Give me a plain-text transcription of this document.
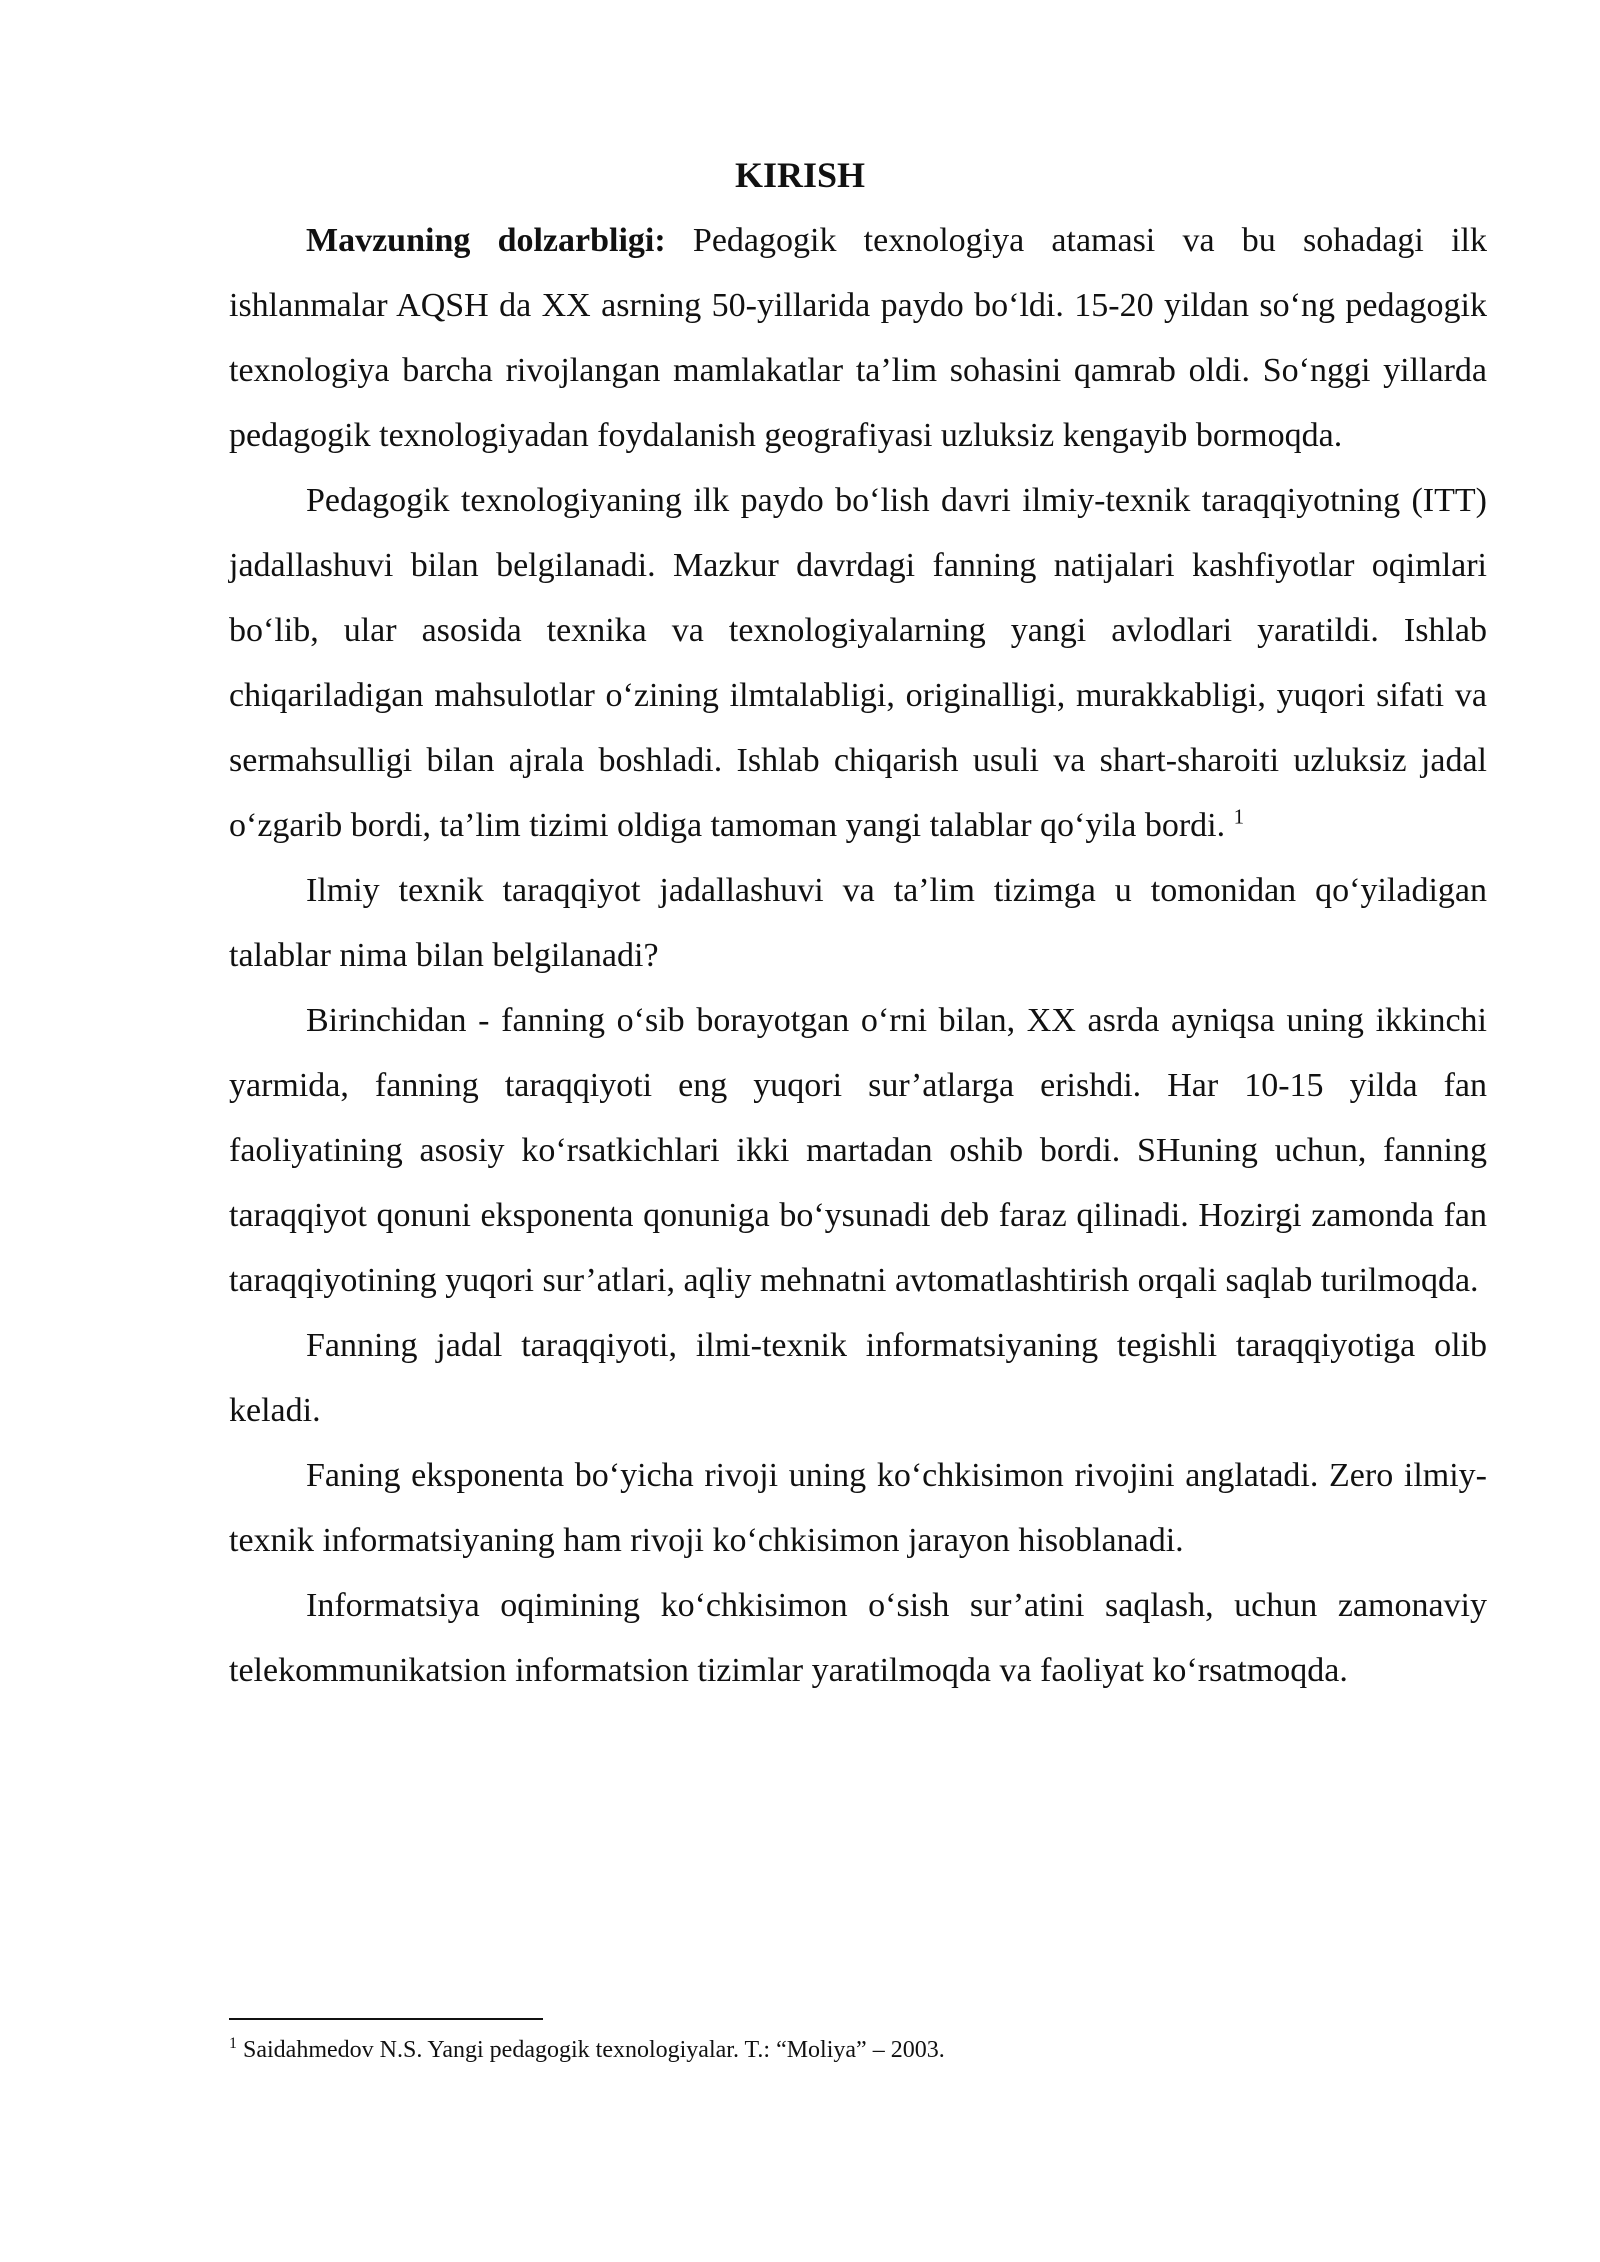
KIRISH

Mavzuning dolzarbligi: Pedagogik texnologiya atamasi va bu sohadagi ilk ishlanmalar AQSH da XX asrning 50-yillarida paydo bo‘ldi. 15-20 yildan so‘ng pedagogik texnologiya barcha rivojlangan mamlakatlar ta’lim sohasini qamrab oldi. So‘nggi yillarda pedagogik texnologiyadan foydalanish geografiyasi uzluksiz kengayib bormoqda.

Pedagogik texnologiyaning ilk paydo bo‘lish davri ilmiy-texnik taraqqiyotning (ITT) jadallashuvi bilan belgilanadi. Mazkur davrdagi fanning natijalari kashfiyotlar oqimlari bo‘lib, ular asosida texnika va texnologiyalarning yangi avlodlari yaratildi. Ishlab chiqariladigan mahsulotlar o‘zining ilmtalabligi, originalligi, murakkabligi, yuqori sifati va sermahsulligi bilan ajrala boshladi. Ishlab chiqarish usuli va shart-sharoiti uzluksiz jadal o‘zgarib bordi, ta’lim tizimi oldiga tamoman yangi talablar qo‘yila bordi. $^1$

Ilmiy texnik taraqqiyot jadallashuvi va ta’lim tizimga u tomonidan qo‘yiladigan talablar nima bilan belgilanadi?

Birinchidan - fanning o‘sib borayotgan o‘rni bilan, XX asrda ayniqsa uning ikkinchi yarmida, fanning taraqqiyoti eng yuqori sur’atlarga erishdi. Har 10-15 yilda fan faoliyatining asosiy ko‘rsatkichlari ikki martadan oshib bordi. SHuning uchun, fanning taraqqiyot qonuni eksponenta qonuniga bo‘ysunadi deb faraz qilinadi. Hozirgi zamonda fan taraqqiyotining yuqori sur’atlari, aqliy mehnatni avtomatlashtirish orqali saqlab turilmoqda.

Fanning jadal taraqqiyoti, ilmi-texnik informatsiyaning tegishli taraqqiyotiga olib keladi.

Faning eksponenta bo‘yicha rivoji uning ko‘chkisimon rivojini anglatadi. Zero ilmiy-texnik informatsiyaning ham rivoji ko‘chkisimon jarayon hisoblanadi.

Informatsiya oqimining ko‘chkisimon o‘sish sur’atini saqlash, uchun zamonaviy telekommunikatsion informatsion tizimlar yaratilmoqda va faoliyat ko‘rsatmoqda.

$^1$ Saidahmedov N.S. Yangi pedagogik texnologiyalar. T.: “Moliya” – 2003.
